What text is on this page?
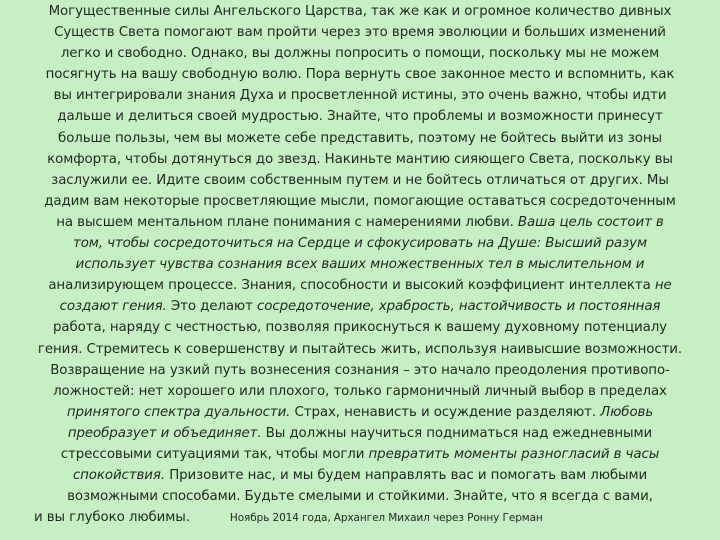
Могущественные силы Ангельского Царства, так же как и огромное количество дивных
Существ Света помогают вам пройти через это время эволюции и больших изменений
легко и свободно. Однако, вы должны попросить о помощи, поскольку мы не можем
посягнуть на вашу свободную волю. Пора вернуть свое законное место и вспомнить, как
вы интегрировали знания Духа и просветленной истины, это очень важно, чтобы идти
дальше и делиться своей мудростью. Знайте, что проблемы и возможности принесут
больше пользы, чем вы можете себе представить, поэтому не бойтесь выйти из зоны
комфорта, чтобы дотянуться до звезд. Накиньте мантию сияющего Света, поскольку вы
заслужили ее. Идите своим собственным путем и не бойтесь отличаться от других. Мы
дадим вам некоторые просветляющие мысли, помогающие оставаться сосредоточенным
на высшем ментальном плане понимания с намерениями любви. Ваша цель состоит в
том, чтобы сосредоточиться на Сердце и сфокусировать на Душе: Высший разум
использует чувства сознания всех ваших множественных тел в мыслительном и
анализирующем процессе. Знания, способности и высокий коэффициент интеллекта не
создают гения. Это делают сосредоточение, храбрость, настойчивость и постоянная
работа, наряду с честностью, позволяя прикоснуться к вашему духовному потенциалу
гения. Стремитесь к совершенству и пытайтесь жить, используя наивысшие возможности.
Возвращение на узкий путь вознесения сознания – это начало преодоления противопо-
ложностей: нет хорошего или плохого, только гармоничный личный выбор в пределах
принятого спектра дуальности. Страх, ненависть и осуждение разделяют. Любовь
преобразует и объединяет. Вы должны научиться подниматься над ежедневными
стрессовыми ситуациями так, чтобы могли превратить моменты разногласий в часы
спокойствия. Призовите нас, и мы будем направлять вас и помогать вам любыми
возможными способами. Будьте смелыми и стойкими. Знайте, что я всегда с вами,
и вы глубоко любимы.	Ноябрь 2014 года, Архангел Михаил через Ронну Герман
